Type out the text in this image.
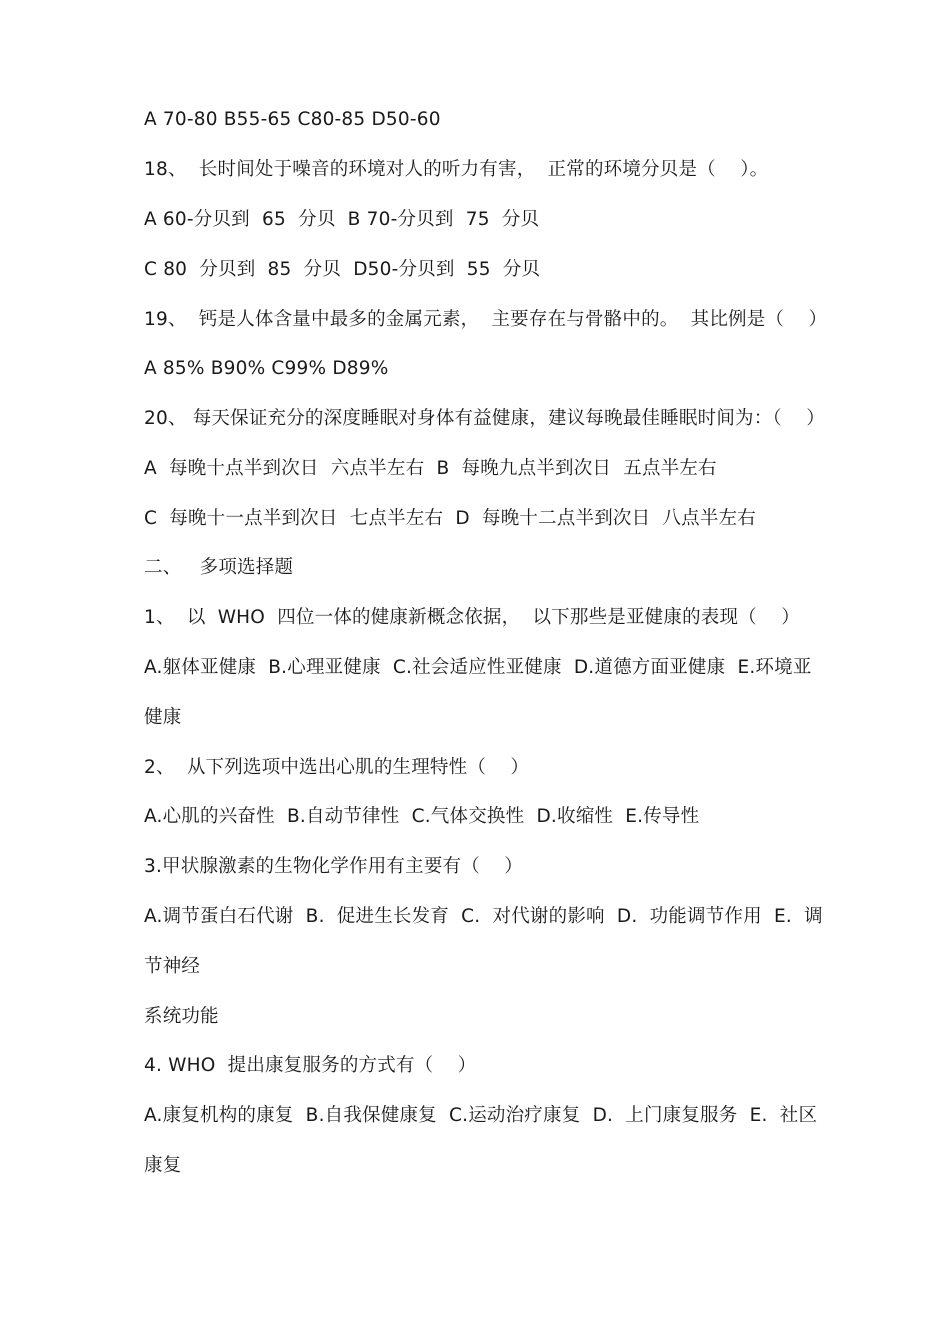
A 70-80 B55-65 C80-85 D50-60
18、  长时间处于噪音的环境对人的听力有害，  正常的环境分贝是（    ）。
A 60-分贝到  65  分贝  B 70-分贝到  75  分贝
C 80  分贝到  85  分贝  D50-分贝到  55  分贝
19、  钙是人体含量中最多的金属元素，  主要存在与骨骼中的。  其比例是（    ）
A 85% B90% C99% D89%
20、 每天保证充分的深度睡眠对身体有益健康，建议每晚最佳睡眠时间为：（    ）
A  每晚十点半到次日  六点半左右  B  每晚九点半到次日  五点半左右
C  每晚十一点半到次日  七点半左右  D  每晚十二点半到次日  八点半左右
二、   多项选择题
1、  以  WHO  四位一体的健康新概念依据，  以下那些是亚健康的表现（    ）
A.躯体亚健康  B.心理亚健康  C.社会适应性亚健康  D.道德方面亚健康  E.环境亚
健康
2、  从下列选项中选出心肌的生理特性（    ）
A.心肌的兴奋性  B.自动节律性  C.气体交换性  D.收缩性  E.传导性
3.甲状腺激素的生物化学作用有主要有（    ）
A.调节蛋白石代谢  B.  促进生长发育  C.  对代谢的影响  D.  功能调节作用  E.  调
节神经
系统功能
4. WHO  提出康复服务的方式有（    ）
A.康复机构的康复  B.自我保健康复  C.运动治疗康复  D.  上门康复服务  E.  社区
康复
